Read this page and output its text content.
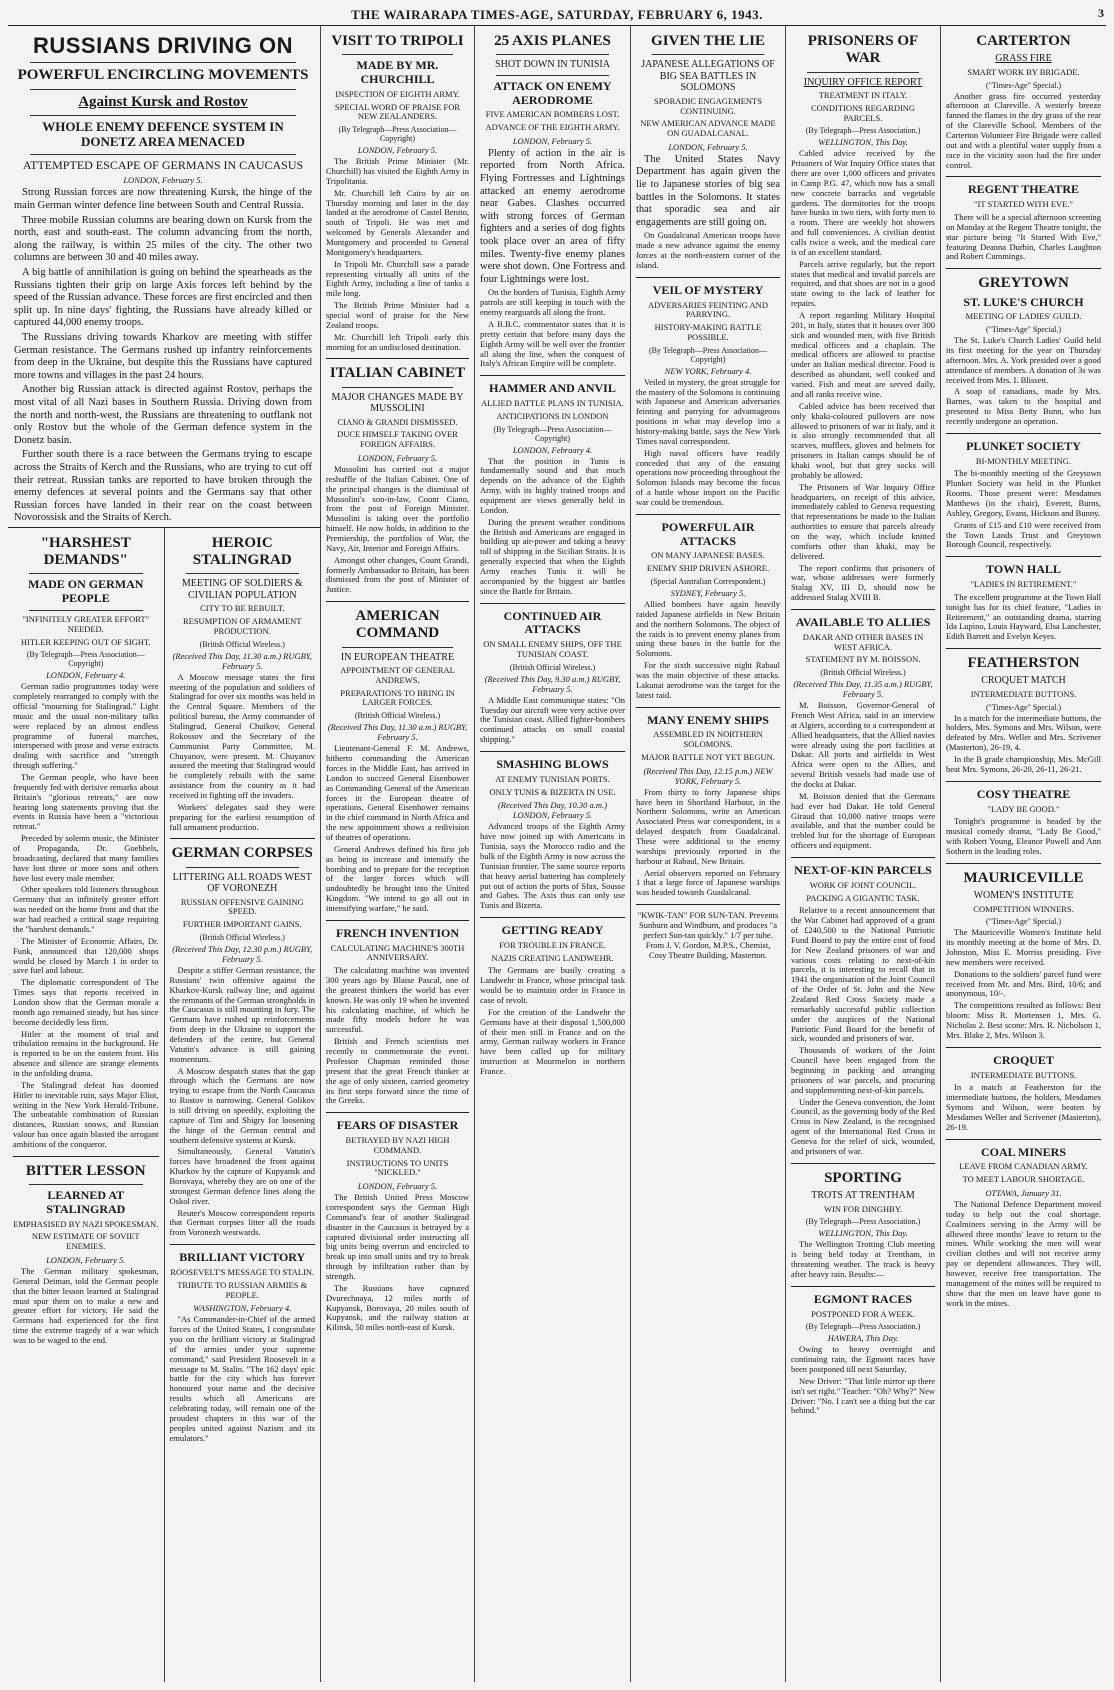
THE WAIRARAPA TIMES-AGE, SATURDAY, FEBRUARY 6, 1943.	3
RUSSIANS DRIVING ON
POWERFUL ENCIRCLING MOVEMENTS
Against Kursk and Rostov
WHOLE ENEMY DEFENCE SYSTEM IN DONETZ AREA MENACED
ATTEMPTED ESCAPE OF GERMANS IN CAUCASUS
LONDON, February 5.

Strong Russian forces are now threatening Kursk, the hinge of the main German winter defence line between South and Central Russia.

Three mobile Russian columns are bearing down on Kursk from the north, east and south-east. The column advancing from the north, along the railway, is within 25 miles of the city. The other two columns are between 30 and 40 miles away.

A big battle of annihilation is going on behind the spearheads as the Russians tighten their grip on large Axis forces left behind by the speed of the Russian advance. These forces are first encircled and then split up. In nine days' fighting, the Russians have already killed or captured 44,000 enemy troops.

The Russians driving towards Kharkov are meeting with stiffer German resistance. The Germans rushed up infantry reinforcements from deep in the Ukraine, but despite this the Russians have captured more towns and villages in the past 24 hours.

Another big Russian attack is directed against Rostov, perhaps the most vital of all Nazi bases in Southern Russia. Driving down from the north and north-west, the Russians are threatening to outflank not only Rostov but the whole of the German defence system in the Donetz basin.

Further south there is a race between the Germans trying to escape across the Straits of Kerch and the Russians, who are trying to cut off their retreat. Russian tanks are reported to have broken through the enemy defences at several points and the Germans say that other Russian forces have landed in their rear on the coast between Novorossisk and the Straits of Kerch.

"HARSHEST DEMANDS"
MADE ON GERMAN PEOPLE
"INFINITELY GREATER EFFORT" NEEDED.
HITLER KEEPING OUT OF SIGHT.
(By Telegraph—Press Association—Copyright)
LONDON, February 4.

German radio programmes today were completely rearranged to comply with the official "mourning for Stalingrad." Light music and the usual non-military talks were replaced by an almost endless programme of funeral marches, interspersed with prose and verse extracts dealing with sacrifice and "strength through suffering."

The German people, who have been frequently fed with derisive remarks about Britain's "glorious retreats," are now hearing long statements proving that the events in Russia have been a "victorious retreat."

Preceded by solemn music, the Minister of Propaganda, Dr. Goebbels, broadcasting, declared that many families have lost three or more sons and others have lost every male member.

Other speakers told listeners throughout Germany that an infinitely greater effort was needed on the home front and that the war had reached a critical stage requiring the "harshest demands."

The Minister of Economic Affairs, Dr. Funk, announced that 120,000 shops would be closed by March 1 in order to save fuel and labour.

The diplomatic correspondent of The Times says that reports received in London show that the German morale a month ago remained steady, but has since become decidedly less firm.

Hitler at the moment of trial and tribulation remains in the background. He is reported to be on the eastern front. His absence and silence are strange elements in the unfolding drama.

The Stalingrad defeat has doomed Hitler to inevitable ruin, says Major Eliot, writing in the New York Herald-Tribune. The unbeatable combination of Russian distances, Russian snows, and Russian valour has once again blasted the arrogant ambitions of the conqueror.

BITTER LESSON
LEARNED AT STALINGRAD
EMPHASISED BY NAZI SPOKESMAN.
NEW ESTIMATE OF SOVIET ENEMIES.
LONDON, February 5.

The German military spokesman, General Deiman, told the German people that the bitter lesson learned at Stalingrad must spur them on to make a new and greater effort for victory. He said the Germans had experienced for the first time the extreme tragedy of a war which was to be waged to the end.

HEROIC STALINGRAD
MEETING OF SOLDIERS & CIVILIAN POPULATION
CITY TO BE REBUILT.
RESUMPTION OF ARMAMENT PRODUCTION.
(British Official Wireless.)
(Received This Day, 11.30 a.m.) RUGBY, February 5.

A Moscow message states the first meeting of the population and soldiers of Stalingrad for over six months was held in the Central Square. Members of the political bureau, the Army commander of Stalingrad, General Chuikov, General Rokossov and the Secretary of the Communist Party Committee, M. Chuyanov, were present. M. Chuyanov assured the meeting that Stalingrad would be completely rebuilt with the same assistance from the country as it had received in fighting off the invaders.

Workers' delegates said they were preparing for the earliest resumption of full armament production.

GERMAN CORPSES
LITTERING ALL ROADS WEST OF VORONEZH
RUSSIAN OFFENSIVE GAINING SPEED.
FURTHER IMPORTANT GAINS.
(British Official Wireless.)
(Received This Day, 12.30 p.m.) RUGBY, February 5.

Despite a stiffer German resistance, the Russians' twin offensive against the Kharkov-Kursk railway line, and against the remnants of the German strongholds in the Caucasus is still mounting in fury. The Germans have rushed up reinforcements from deep in the Ukraine to support the defenders of the centre, but General Vatutin's advance is still gaining momentum.

A Moscow despatch states that the gap through which the Germans are now trying to escape from the North Caucasus to Rostov is narrowing. General Golikov is still driving on speedily, exploiting the capture of Tim and Shigry for loosening the hinge of the German central and southern defensive systems at Kursk.

Simultaneously, General Vatutin's forces have broadened the front against Kharkov by the capture of Kupyansk and Borovaya, whereby they are on one of the strongest German defence lines along the Oskol river.

Reuter's Moscow correspondent reports that German corpses litter all the roads from Voronezh westwards.

BRILLIANT VICTORY
ROOSEVELT'S MESSAGE TO STALIN.
TRIBUTE TO RUSSIAN ARMIES & PEOPLE.
WASHINGTON, February 4.

"As Commander-in-Chief of the armed forces of the United States, I congratulate you on the brilliant victory at Stalingrad of the armies under your supreme command," said President Roosevelt in a message to M. Stalin. "The 162 days' epic battle for the city which has forever honoured your name and the decisive results which all Americans are celebrating today, will remain one of the proudest chapters in this war of the peoples united against Nazism and its emulators."

VISIT TO TRIPOLI
MADE BY MR. CHURCHILL
INSPECTION OF EIGHTH ARMY.
SPECIAL WORD OF PRAISE FOR NEW ZEALANDERS.
(By Telegraph—Press Association—Copyright)
LONDON, February 5.

The British Prime Minister (Mr. Churchill) has visited the Eighth Army in Tripolitania.

Mr. Churchill left Cairo by air on Thursday morning and later in the day landed at the aerodrome of Castel Benito, south of Tripoli. He was met and welcomed by Generals Alexander and Montgomery and proceeded to General Montgomery's headquarters.

In Tripoli Mr. Churchill saw a parade representing virtually all units of the Eighth Army, including a line of tanks a mile long.

The British Prime Minister had a special word of praise for the New Zealand troops.

Mr. Churchill left Tripoli early this morning for an undisclosed destination.

ITALIAN CABINET
MAJOR CHANGES MADE BY MUSSOLINI
CIANO & GRANDI DISMISSED.
DUCE HIMSELF TAKING OVER FOREIGN AFFAIRS.
LONDON, February 5.

Mussolini has carried out a major reshuffle of the Italian Cabinet. One of the principal changes is the dismissal of Mussolini's son-in-law, Count Ciano, from the post of Foreign Minister. Mussolini is taking over the portfolio himself. He now holds, in addition to the Premiership, the portfolios of War, the Navy, Air, Interior and Foreign Affairs.

Amongst other changes, Count Grandi, formerly Ambassador to Britain, has been dismissed from the post of Minister of Justice.

AMERICAN COMMAND
IN EUROPEAN THEATRE
APPOINTMENT OF GENERAL ANDREWS.
PREPARATIONS TO BRING IN LARGER FORCES.
(British Official Wireless.)
(Received This Day, 11.30 a.m.) RUGBY, February 5.

Lieutenant-General F. M. Andrews, hitherto commanding the American forces in the Middle East, has arrived in London to succeed General Eisenhower as Commanding General of the American forces in the European theatre of operations. General Eisenhower remains in the chief command in North Africa and the new appointment shows a redivision of theatres of operations.

General Andrews defined his first job as being to increase and intensify the bombing and to prepare for the reception of the larger forces which will undoubtedly be brought into the United Kingdom. "We intend to go all out in intensifying warfare," he said.

FRENCH INVENTION
CALCULATING MACHINE'S 300TH ANNIVERSARY.

The calculating machine was invented 300 years ago by Blaise Pascal, one of the greatest thinkers the world has ever known. He was only 19 when he invented his calculating machine, of which he made fifty models before he was successful.

British and French scientists met recently to commemorate the event. Professor Chapman reminded those present that the great French thinker at the age of only sixteen, carried geometry its first steps forward since the time of the Greeks.

FEARS OF DISASTER
BETRAYED BY NAZI HIGH COMMAND.
INSTRUCTIONS TO UNITS "NICKLED."
LONDON, February 5.

The British United Press Moscow correspondent says the German High Command's fear of another Stalingrad disaster in the Caucasus is betrayed by a captured divisional order instructing all big units being overrun and encircled to break up into small units and try to break through by infiltration rather than by strength.

The Russians have captured Dvurechnaya, 12 miles north of Kupyansk, Borovaya, 20 miles south of Kupyansk, and the railway station at Kilinsk, 50 miles north-east of Kursk.

25 AXIS PLANES
SHOT DOWN IN TUNISIA
ATTACK ON ENEMY AERODROME
FIVE AMERICAN BOMBERS LOST.
ADVANCE OF THE EIGHTH ARMY.
LONDON, February 5.

Plenty of action in the air is reported from North Africa. Flying Fortresses and Lightnings attacked an enemy aerodrome near Gabes. Clashes occurred with strong forces of German fighters and a series of dog fights took place over an area of fifty miles. Twenty-five enemy planes were shot down. One Fortress and four Lightnings were lost.

On the borders of Tunisia, Eighth Army patrols are still keeping in touch with the enemy rearguards all along the front.

A B.B.C. commentator states that it is pretty certain that before many days the Eighth Army will be well over the frontier all along the line, when the conquest of Italy's African Empire will be complete.

HAMMER AND ANVIL
ALLIED BATTLE PLANS IN TUNISIA.
ANTICIPATIONS IN LONDON
(By Telegraph—Press Association—Copyright)
LONDON, February 4.

That the position in Tunis is fundamentally sound and that much depends on the advance of the Eighth Army, with its highly trained troops and equipment are views generally held in London.

During the present weather conditions the British and Americans are engaged in building up air-power and taking a heavy toll of shipping in the Sicilian Straits. It is generally expected that when the Eighth Army reaches Tunis it will be accompanied by the biggest air battles since the Battle for Britain.

CONTINUED AIR ATTACKS
ON SMALL ENEMY SHIPS, OFF THE TUNISIAN COAST.
(British Official Wireless.)
(Received This Day, 9.30 a.m.) RUGBY, February 5.

A Middle East communique states: "On Tuesday our aircraft were very active over the Tunisian coast. Allied fighter-bombers continued attacks on small coastal shipping."

SMASHING BLOWS
AT ENEMY TUNISIAN PORTS.
ONLY TUNIS & BIZERTA IN USE.
(Received This Day, 10.30 a.m.) LONDON, February 5.

Advanced troops of the Eighth Army have now joined up with Americans in Tunisia, says the Morocco radio and the bulk of the Eighth Army is now across the Tunisian frontier. The same source reports that heavy aerial battering has completely put out of action the ports of Sfax, Sousse and Gabes. The Axis thus can only use Tunis and Bizerta.

GETTING READY
FOR TROUBLE IN FRANCE.
NAZIS CREATING LANDWEHR.

The Germans are busily creating a Landwehr in France, whose principal task would be to maintain order in France in case of revolt.

For the creation of the Landwehr the Germans have at their disposal 1,500,000 of their men still in France and on the army, German railway workers in France have been called up for military instruction at Mourmelon in northern France.

GIVEN THE LIE
JAPANESE ALLEGATIONS OF BIG SEA BATTLES IN SOLOMONS
SPORADIC ENGAGEMENTS CONTINUING.
NEW AMERICAN ADVANCE MADE ON GUADALCANAL.
LONDON, February 5.

The United States Navy Department has again given the lie to Japanese stories of big sea battles in the Solomons. It states that sporadic sea and air engagements are still going on.

On Guadalcanal American troops have made a new advance against the enemy forces at the north-eastern corner of the island.

VEIL OF MYSTERY
ADVERSARIES FEINTING AND PARRYING.
HISTORY-MAKING BATTLE POSSIBLE.
(By Telegraph—Press Association—Copyright)
NEW YORK, February 4.

Veiled in mystery, the great struggle for the mastery of the Solomons is continuing with Japanese and American adversaries feinting and parrying for advantageous positions in what may develop into a history-making battle, says the New York Times naval correspondent.

High naval officers have readily conceded that any of the ensuing operations now proceeding throughout the Solomon Islands may become the focus of a battle whose import on the Pacific war could be tremendous.

POWERFUL AIR ATTACKS
ON MANY JAPANESE BASES.
ENEMY SHIP DRIVEN ASHORE.
(Special Australian Correspondent.)
SYDNEY, February 5.

Allied bombers have again heavily raided Japanese airfields in New Britain and the northern Solomons. The object of the raids is to prevent enemy planes from using these bases in the battle for the Solomons.

For the sixth successive night Rabaul was the main objective of these attacks. Lakunai aerodrome was the target for the latest raid.

MANY ENEMY SHIPS
ASSEMBLED IN NORTHERN SOLOMONS.
MAJOR BATTLE NOT YET BEGUN.
(Received This Day, 12.15 p.m.) NEW YORK, February 5.

From thirty to forty Japanese ships have been in Shortland Harbour, in the Northern Solomons, write an American Associated Press war correspondent, in a delayed despatch from Guadalcanal. These were additional to the enemy warships previously reported in the harbour at Rabaul, New Britain.

Aerial observers reported on February 1 that a large force of Japanese warships was headed towards Guadalcanal.

"KWIK-TAN" FOR SUN-TAN. Prevents Sunburn and Windburn, and produces "a perfect Sun-tan quickly." 1/7 per tube. From J. V. Gordon, M.P.S., Chemist, Cosy Theatre Building, Masterton.

PRISONERS OF WAR
INQUIRY OFFICE REPORT
TREATMENT IN ITALY.
CONDITIONS REGARDING PARCELS.
(By Telegraph—Press Association.)
WELLINGTON, This Day.

Cabled advice received by the Prisoners of War Inquiry Office states that there are over 1,000 officers and privates in Camp P.G. 47, which now has a small new concrete barracks and vegetable gardens. The dormitories for the troops have bunks in two tiers, with forty men to a room. There are weekly hot showers and full conveniences. A civilian dentist calls twice a week, and the medical care is of an excellent standard.

Parcels arrive regularly, but the report states that medical and invalid parcels are required, and that shoes are not in a good state owing to the lack of leather for repairs.

A report regarding Military Hospital 201, in Italy, states that it houses over 300 sick and wounded men, with five British medical officers and a chaplain. The medical officers are allowed to practise under an Italian medical director. Food is described as abundant, well cooked and varied. Fish and meat are served daily, and all ranks receive wine.

Cabled advice has been received that only khaki-coloured pullovers are now allowed to prisoners of war in Italy, and it is also strongly recommended that all scarves, mufflers, gloves and helmets for prisoners in Italian camps should be of khaki wool, but that grey socks will probably be allowed.

The Prisoners of War Inquiry Office headquarters, on receipt of this advice, immediately cabled to Geneva requesting that representations be made to the Italian authorities to ensure that parcels already on the way, which include knitted comforts other than khaki, may be delivered.

The report confirms that prisoners of war, whose addresses were formerly Stalag XV, III D, should now be addressed Stalag XVIII B.

AVAILABLE TO ALLIES
DAKAR AND OTHER BASES IN WEST AFRICA.
STATEMENT BY M. BOISSON.
(British Official Wireless.)
(Received This Day, 11.35 a.m.) RUGBY, February 5.

M. Boisson, Governor-General of French West Africa, said in an interview at Algiers, according to a correspondent at Allied headquarters, that the Allied navies were already using the port facilities at Dakar. All ports and airfields in West Africa were open to the Allies, and several British vessels had made use of the docks at Dakar.

M. Boisson denied that the Germans had ever had Dakar. He told General Giraud that 10,000 native troops were available, and that the number could be trebled but for the shortage of European officers and equipment.

NEXT-OF-KIN PARCELS
WORK OF JOINT COUNCIL.
PACKING A GIGANTIC TASK.

Relative to a recent announcement that the War Cabinet had approved of a grant of £240,500 to the National Patriotic Fund Board to pay the entire cost of food for New Zealand prisoners of war and various costs relating to next-of-kin parcels, it is interesting to recall that in 1941 the organisation of the Joint Council of the Order of St. John and the New Zealand Red Cross Society made a remarkably successful public collection under the auspices of the National Patriotic Fund Board for the benefit of sick, wounded and prisoners of war.

Thousands of workers of the Joint Council have been engaged from the beginning in packing and arranging prisoners of war parcels, and procuring and supplementing next-of-kin parcels.

Under the Geneva convention, the Joint Council, as the governing body of the Red Cross in New Zealand, is the recognised agent of the International Red Cross in Geneva for the relief of sick, wounded, and prisoners of war.

SPORTING
TROTS AT TRENTHAM
WIN FOR DINGHBY.
(By Telegraph—Press Association.)
WELLINGTON, This Day.

The Wellington Trotting Club meeting is being held today at Trentham, in threatening weather. The track is heavy after heavy rain. Results:—

EGMONT RACES
POSTPONED FOR A WEEK.
(By Telegraph—Press Association.)
HAWERA, This Day.

Owing to heavy overnight and continuing rain, the Egmont races have been postponed till next Saturday.

New Driver: "That little mirror up there isn't set right." Teacher: "Oh? Why?" New Driver: "No. I can't see a thing but the car behind."

CARTERTON
GRASS FIRE
SMART WORK BY BRIGADE.
("Times-Age" Special.)

Another grass fire occurred yesterday afternoon at Clareville. A westerly breeze fanned the flames in the dry grass of the rear of the Clareville School. Members of the Carterton Volunteer Fire Brigade were called out and with a plentiful water supply from a race in the vicinity soon had the fire under control.

REGENT THEATRE
"IT STARTED WITH EVE."

There will be a special afternoon screening on Monday at the Regent Theatre tonight, the star picture being "It Started With Eve," featuring Deanna Durbin, Charles Laughton and Robert Cummings.

GREYTOWN
ST. LUKE'S CHURCH
MEETING OF LADIES' GUILD.
("Times-Age" Special.)

The St. Luke's Church Ladies' Guild held its first meeting for the year on Thursday afternoon. Mrs. A. York presided over a good attendance of members. A donation of 3s was received from Mrs. I. Blissett.

A soap of canadians, made by Mrs. Barnes, was taken to the hospital and presented to Miss Betty Bunn, who has recently undergone an operation.

PLUNKET SOCIETY
BI-MONTHLY MEETING.

The bi-monthly meeting of the Greytown Plunket Society was held in the Plunket Rooms. Those present were: Mesdames Matthews (in the chair), Everett, Burns, Ashley, Gregory, Evans, Hickson and Bunny.

Grants of £15 and £10 were received from the Town Lands Trust and Greytown Borough Council, respectively.

TOWN HALL
"LADIES IN RETIREMENT."

The excellent programme at the Town Hall tonight has for its chief feature, "Ladies in Retirement," an outstanding drama, starring Ida Lupino, Louis Hayward, Elsa Lanchester, Edith Barrett and Evelyn Keyes.

FEATHERSTON
CROQUET MATCH
INTERMEDIATE BUTTONS.
("Times-Age" Special.)

In a match for the intermediate buttons, the holders, Mrs. Symons and Mrs. Wilson, were defeated by Mrs. Weller and Mrs. Scrivener (Masterton), 26-19, 4.

In the B grade championship, Mrs. McGill beat Mrs. Symons, 26-20, 26-11, 26-21.

COSY THEATRE
"LADY BE GOOD."

Tonight's programme is headed by the musical comedy drama, "Lady Be Good," with Robert Young, Eleanor Powell and Ann Sothern in the leading roles.

MAURICEVILLE
WOMEN'S INSTITUTE
COMPETITION WINNERS.
("Times-Age" Special.)

The Mauriceville Women's Institute held its monthly meeting at the home of Mrs. D. Johnston, Miss E. Morriss presiding. Five new members were received.

Donations to the soldiers' parcel fund were received from Mr. and Mrs. Bird, 10/6; and anonymous, 10/-.

The competitions resulted as follows: Best bloom: Miss R. Mortensen 1, Mrs. G. Nicholas 2. Best scone: Mrs. R. Nicholson 1, Mrs. Blake 2, Mrs. Wilson 3.

CROQUET
INTERMEDIATE BUTTONS.

In a match at Featherston for the intermediate buttons, the holders, Mesdames Symons and Wilson, were beaten by Mesdames Weller and Scrivener (Masterton), 26-19.

COAL MINERS
LEAVE FROM CANADIAN ARMY.
TO MEET LABOUR SHORTAGE.
OTTAWA, January 31.

The National Defence Department moved today to help out the coal shortage. Coalminers serving in the Army will be allowed three months' leave to return to the mines. While working the men will wear civilian clothes and will not receive army pay or dependent allowances. They will, however, receive free transportation. The management of the mines will be required to show that the men on leave have gone to work in the mines.
